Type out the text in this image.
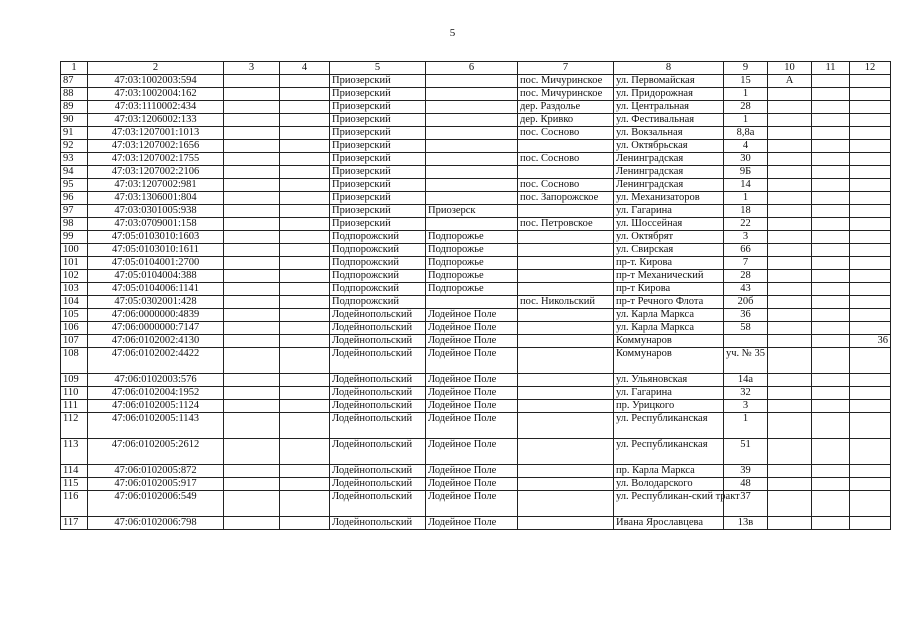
5
1	2	3	4	5	6	7	8	9	10	11	12
87	47:03:1002003:594			Приозерский		пос. Мичуринское	ул. Первомайская	15	А		
88	47:03:1002004:162			Приозерский		пос. Мичуринское	ул. Придорожная	1			
89	47:03:1110002:434			Приозерский		дер. Раздолье	ул. Центральная	28			
90	47:03:1206002:133			Приозерский		дер. Кривко	ул. Фестивальная	1			
91	47:03:1207001:1013			Приозерский		пос. Сосново	ул. Вокзальная	8,8а			
92	47:03:1207002:1656			Приозерский			ул. Октябрьская	4			
93	47:03:1207002:1755			Приозерский		пос. Сосново	Ленинградская	30			
94	47:03:1207002:2106			Приозерский			Ленинградская	9Б			
95	47:03:1207002:981			Приозерский		пос. Сосново	Ленинградская	14			
96	47:03:1306001:804			Приозерский		пос. Запорожское	ул. Механизаторов	1			
97	47:03:0301005:938			Приозерский	Приозерск		ул. Гагарина	18			
98	47:03:0709001:158			Приозерский		пос. Петровское	ул. Шоссейная	22			
99	47:05:0103010:1603			Подпорожский	Подпорожье		ул. Октябрят	3			
100	47:05:0103010:1611			Подпорожский	Подпорожье		ул. Свирская	66			
101	47:05:0104001:2700			Подпорожский	Подпорожье		пр-т. Кирова	7			
102	47:05:0104004:388			Подпорожский	Подпорожье		пр-т Механический	28			
103	47:05:0104006:1141			Подпорожский	Подпорожье		пр-т Кирова	43			
104	47:05:0302001:428			Подпорожский		пос. Никольский	пр-т Речного Флота	20б			
105	47:06:0000000:4839			Лодейнопольский	Лодейное Поле		ул. Карла Маркса	36			
106	47:06:0000000:7147			Лодейнопольский	Лодейное Поле		ул. Карла Маркса	58			
107	47:06:0102002:4130			Лодейнопольский	Лодейное Поле		Коммунаров				36
108	47:06:0102002:4422			Лодейнопольский	Лодейное Поле		Коммунаров	уч. № 35			
109	47:06:0102003:576			Лодейнопольский	Лодейное Поле		ул. Ульяновская	14а			
110	47:06:0102004:1952			Лодейнопольский	Лодейное Поле		ул. Гагарина	32			
111	47:06:0102005:1124			Лодейнопольский	Лодейное Поле		пр. Урицкого	3			
112	47:06:0102005:1143			Лодейнопольский	Лодейное Поле		ул. Республиканская	1			
113	47:06:0102005:2612			Лодейнопольский	Лодейное Поле		ул. Республиканская	51			
114	47:06:0102005:872			Лодейнопольский	Лодейное Поле		пр. Карла Маркса	39			
115	47:06:0102005:917			Лодейнопольский	Лодейное Поле		ул. Володарского	48			
116	47:06:0102006:549			Лодейнопольский	Лодейное Поле		ул. Республикан-ский тракт	37			
117	47:06:0102006:798			Лодейнопольский	Лодейное Поле		Ивана Ярославцева	13в			
